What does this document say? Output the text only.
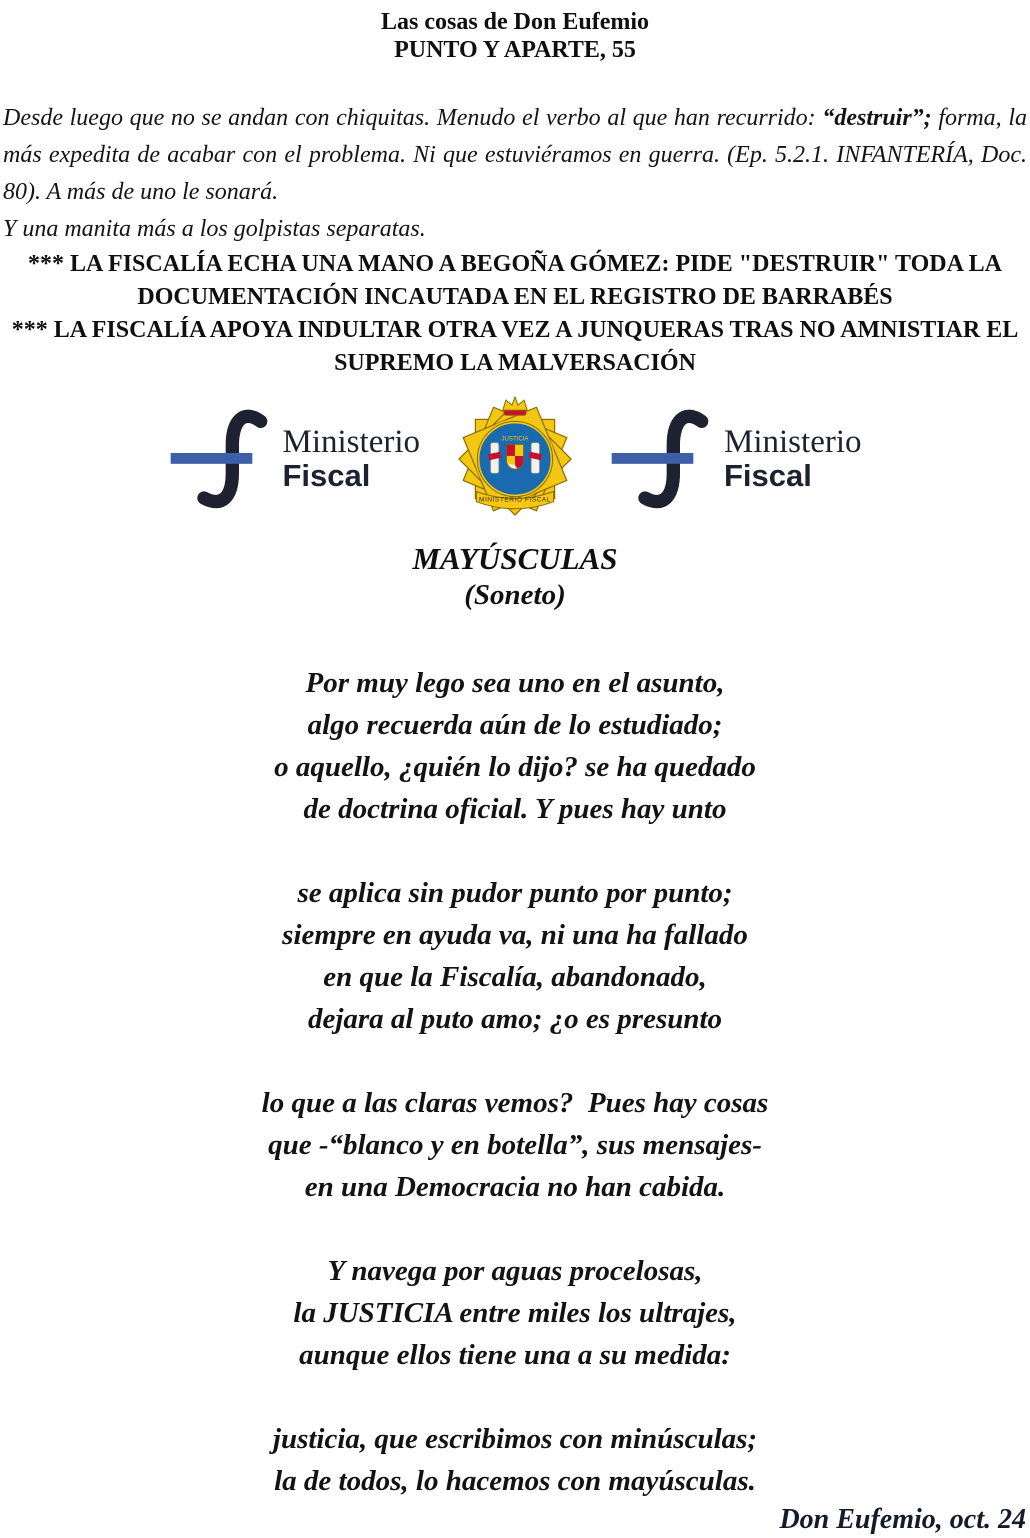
Las cosas de Don Eufemio
PUNTO Y APARTE, 55
Desde luego que no se andan con chiquitas. Menudo el verbo al que han recurrido: “destruir”; forma, la más expedita de acabar con el problema. Ni que estuviéramos en guerra. (Ep. 5.2.1. INFANTERÍA, Doc. 80). A más de uno le sonará.
Y una manita más a los golpistas separatas.
*** LA FISCALÍA ECHA UNA MANO A BEGOÑA GÓMEZ: PIDE "DESTRUIR" TODA LA DOCUMENTACIÓN INCAUTADA EN EL REGISTRO DE BARRABÉS
*** LA FISCALÍA APOYA INDULTAR OTRA VEZ A JUNQUERAS TRAS NO AMNISTIAR EL SUPREMO LA MALVERSACIÓN
Ministerio
Fiscal
JUSTICIA
MINISTERIO FISCAL
Ministerio
Fiscal
MAYÚSCULAS
(Soneto)
Por muy lego sea uno en el asunto,
algo recuerda aún de lo estudiado;
o aquello, ¿quién lo dijo? se ha quedado
de doctrina oficial. Y pues hay unto
se aplica sin pudor punto por punto;
siempre en ayuda va, ni una ha fallado
en que la Fiscalía, abandonado,
dejara al puto amo; ¿o es presunto
lo que a las claras vemos?  Pues hay cosas
que -“blanco y en botella”, sus mensajes-
en una Democracia no han cabida.
Y navega por aguas procelosas,
la JUSTICIA entre miles los ultrajes,
aunque ellos tiene una a su medida:
justicia, que escribimos con minúsculas;
la de todos, lo hacemos con mayúsculas.
Don Eufemio, oct. 24
